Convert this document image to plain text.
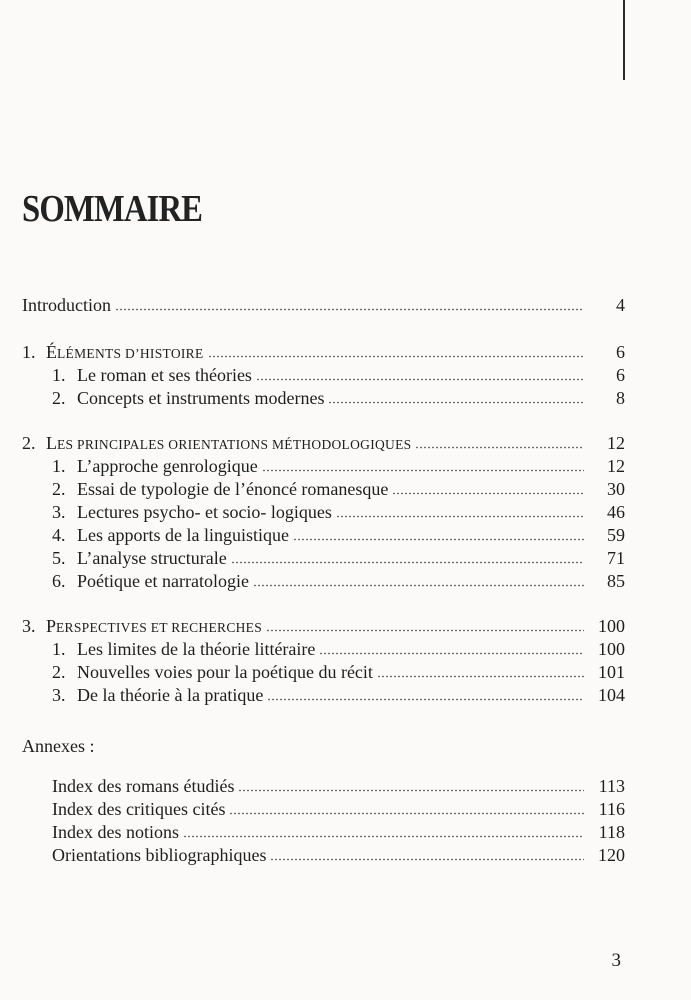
SOMMAIRE
Introduction	4
1. ÉLÉMENTS D’HISTOIRE	6
1. Le roman et ses théories	6
2. Concepts et instruments modernes	8
2. LES PRINCIPALES ORIENTATIONS MÉTHODOLOGIQUES	12
1. L’approche genrologique	12
2. Essai de typologie de l’énoncé romanesque	30
3. Lectures psycho- et socio- logiques	46
4. Les apports de la linguistique	59
5. L’analyse structurale	71
6. Poétique et narratologie	85
3. PERSPECTIVES ET RECHERCHES	100
1. Les limites de la théorie littéraire	100
2. Nouvelles voies pour la poétique du récit	101
3. De la théorie à la pratique	104
Annexes :
Index des romans étudiés	113
Index des critiques cités	116
Index des notions	118
Orientations bibliographiques	120
3
